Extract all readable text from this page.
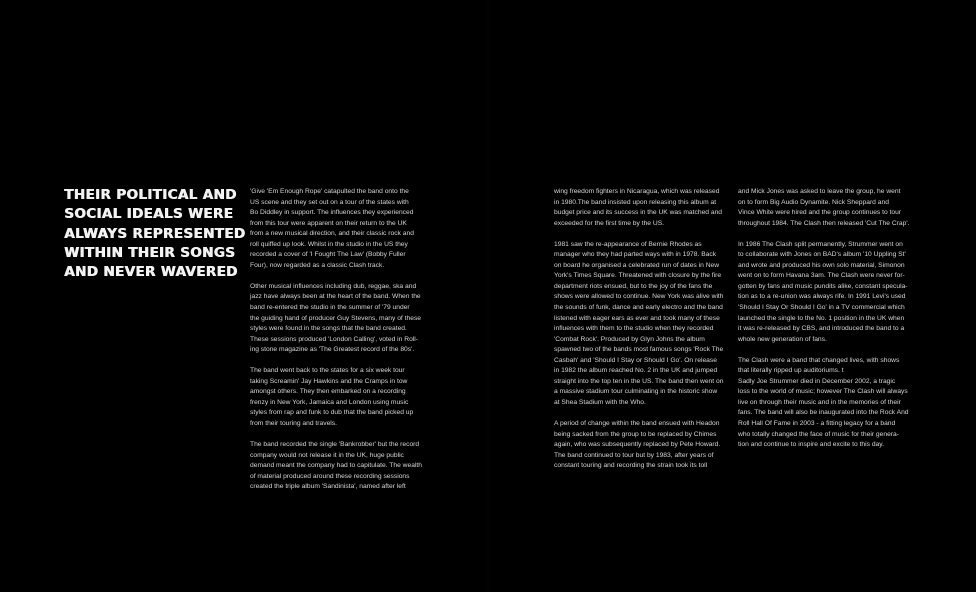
THEIR POLITICAL AND
SOCIAL IDEALS WERE
ALWAYS REPRESENTED
WITHIN THEIR SONGS
AND NEVER WAVERED
'Give 'Em Enough Rope' catapulted the band onto the
US scene and they set out on a tour of the states with
Bo Diddley in support. The influences they experienced
from this tour were apparent on their return to the UK
from a new musical direction, and their classic rock and
roll quiffed up look. Whilst in the studio in the US they
recorded a cover of 'I Fought The Law' (Bobby Fuller
Four), now regarded as a classic Clash track.
Other musical influences including dub, reggae, ska and
jazz have always been at the heart of the band. When the
band re-entered the studio in the summer of '79 under
the guiding hand of producer Guy Stevens, many of these
styles were found in the songs that the band created.
These sessions produced 'London Calling', voted in Roll-
ing stone magazine as 'The Greatest record of the 80s'.
The band went back to the states for a six week tour
taking Screamin' Jay Hawkins and the Cramps in tow
amongst others. They then embarked on a recording
frenzy in New York, Jamaica and London using music
styles from rap and funk to dub that the band picked up
from their touring and travels.
The band recorded the single 'Bankrobber' but the record
company would not release it in the UK, huge public
demand meant the company had to capitulate. The wealth
of material produced around these recording sessions
created the triple album 'Sandinista', named after left
wing freedom fighters in Nicaragua, which was released
in 1980.The band insisted upon releasing this album at
budget price and its success in the UK was matched and
exceeded for the first time by the US.
1981 saw the re-appearance of Bernie Rhodes as
manager who they had parted ways with in 1978. Back
on board he organised a celebrated run of dates in New
York's Times Square. Threatened with closure by the fire
department riots ensued, but to the joy of the fans the
shows were allowed to continue. New York was alive with
the sounds of funk, dance and early electro and the band
listened with eager ears as ever and took many of these
influences with them to the studio when they recorded
'Combat Rock'. Produced by Glyn Johns the album
spawned two of the bands most famous songs 'Rock The
Casbah' and 'Should I Stay or Should I Go'. On release
in 1982 the album reached No. 2 in the UK and jumped
straight into the top ten in the US. The band then went on
a massive stadium tour culminating in the historic show
at Shea Stadium with the Who.
A period of change within the band ensued with Headon
being sacked from the group to be replaced by Chimes
again, who was subsequently replaced by Pete Howard.
The band continued to tour but by 1983, after years of
constant touring and recording the strain took its toll
and Mick Jones was asked to leave the group, he went
on to form Big Audio Dynamite. Nick Sheppard and
Vince White were hired and the group continues to tour
throughout 1984. The Clash then released 'Cut The Crap'.
In 1986 The Clash split permanently, Strummer went on
to collaborate with Jones on BAD's album '10 Uppling St'
and wrote and produced his own solo material, Simonon
went on to form Havana 3am. The Clash were never for-
gotten by fans and music pundits alike, constant specula-
tion as to a re-union was always rife. In 1991 Levi's used
'Should I Stay Or Should I Go' in a TV commercial which
launched the single to the No. 1 position in the UK when
it was re-released by CBS, and introduced the band to a
whole new generation of fans.
The Clash were a band that changed lives, with shows
that literally ripped up auditoriums. t
Sadly Joe Strummer died in December 2002, a tragic
loss to the world of music; however The Clash will always
live on through their music and in the memories of their
fans. The band will also be inaugurated into the Rock And
Roll Hall Of Fame in 2003 - a fitting legacy for a band
who totally changed the face of music for their genera-
tion and continue to inspire and excite to this day.
